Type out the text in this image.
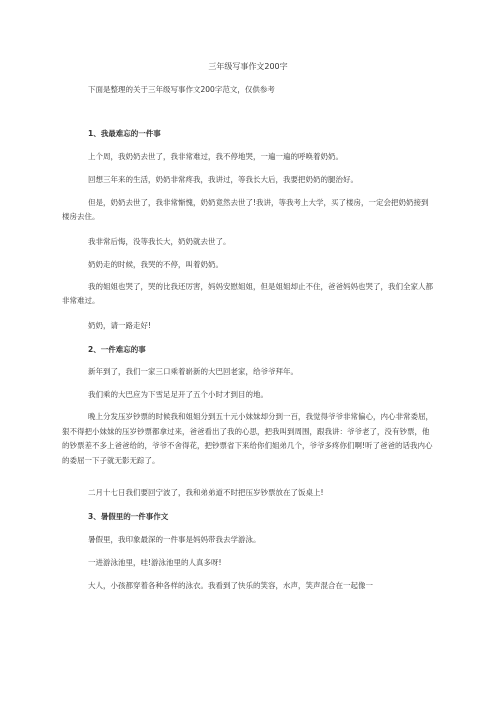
三年级写事作文200字
下面是整理的关于三年级写事作文200字范文，仅供参考
1、我最难忘的一件事
上个周，我奶奶去世了，我非常难过，我不停地哭，一遍一遍的呼唤着奶奶。
回想三年来的生活，奶奶非常疼我，我讲过，等我长大后，我要把奶奶的腿治好。
但是，奶奶去世了，我非常惭愧，奶奶竟然去世了!我讲，等我考上大学，买了楼房，一定会把奶奶接到楼房去住。
我非常后悔，没等我长大，奶奶就去世了。
奶奶走的时候，我哭的不停，叫着奶奶。
我的姐姐也哭了，哭的比我还厉害，妈妈安慰姐姐，但是姐姐却止不住，爸爸妈妈也哭了，我们全家人都非常难过。
奶奶，请一路走好!
2、一件难忘的事
新年到了，我们一家三口乘着崭新的大巴回老家，给爷爷拜年。
我们乘的大巴应为下雪足足开了五个小时才到目的地。
晚上分发压岁钞票的时候我和姐姐分到五十元小妹妹却分到一百，我觉得爷爷非常偏心，内心非常委屈，狠不得把小妹妹的压岁钞票都拿过来，爸爸看出了我的心思，把我叫到周围，跟我讲：爷爷老了，没有钞票，他的钞票差不多上爸爸给的，爷爷不舍得花，把钞票省下来给你们姐弟几个，爷爷多疼你们啊!听了爸爸的话我内心的委屈一下子就无影无踪了。
二月十七日我们要回宁波了，我和弟弟道不时把压岁钞票放在了饭桌上!
3、暑假里的一件事作文
暑假里，我印象最深的一件事是妈妈带我去学游泳。
一进游泳池里，哇!游泳池里的人真多呀!
大人，小孩都穿着各种各样的泳衣。我看到了快乐的笑容，水声，笑声混合在一起像一
